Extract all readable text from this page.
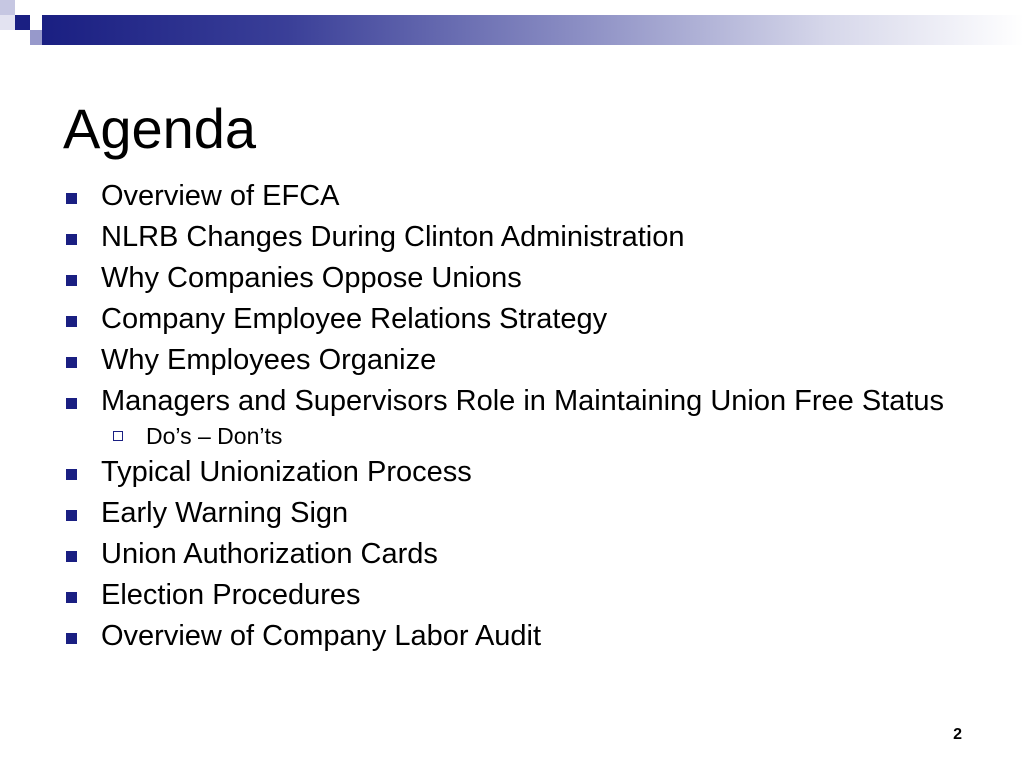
Agenda
Overview of EFCA
NLRB Changes During Clinton Administration
Why Companies Oppose Unions
Company Employee Relations Strategy
Why Employees Organize
Managers and Supervisors Role in Maintaining Union Free Status
Do’s – Don’ts
Typical Unionization Process
Early Warning Sign
Union Authorization Cards
Election Procedures
Overview of Company Labor Audit
2
